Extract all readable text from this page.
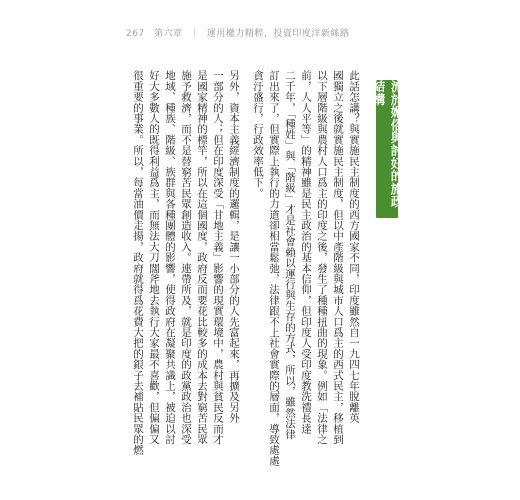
267 第六章 ｜ 運用權力精粹，投資印度洋新絲路
流於媚俗與討好的施政結構
此話怎講？與實施民主制度的西方國家不同，印度雖然自一九四七年脫離英
國獨立之後就實施民主制度，但以中產階級與城市人口爲主的西式民主，移植到
以下層階級與農村人口爲主的印度之後，發生了種種扭曲的現象。例如「法律之
前，人人平等」的精神雖是民主政治的基本信仰，但印度人受印度教洗禮長達
二千年，「種姓」與「階級」才是社會賴以運行與生存的方式，所以，雖然法律
訂出來了，但實際上執行的力道卻相當鬆弛，法律跟不上社會實際的層面，導致處處
貪汙盛行，行政效率低下。
另外，資本主義經濟制度的邏輯，是讓一小部分的人先富起來，再擴及另外
一部分的人；但在印度深受「甘地主義」影響的現實環境中，農村與貧民反而才
是國家精神的標竿，所以在這個國度，政府反而要花比較多的成本去對窮苦民眾
施予救濟，而不是替窮苦民眾創造收入。連帶所及，就是印度的政黨政治也深受
地域、種族、階級、族群與各種團體的影響，使得政府在凝聚共識上，被迫以討
好大多數人的既得利益爲主，而無法大刀闊斧地去執行大家最不喜歡，但偏偏又
很重要的事業。所以，每當油價走揚，政府就得爲花費大把的銀子去補貼民眾的燃
